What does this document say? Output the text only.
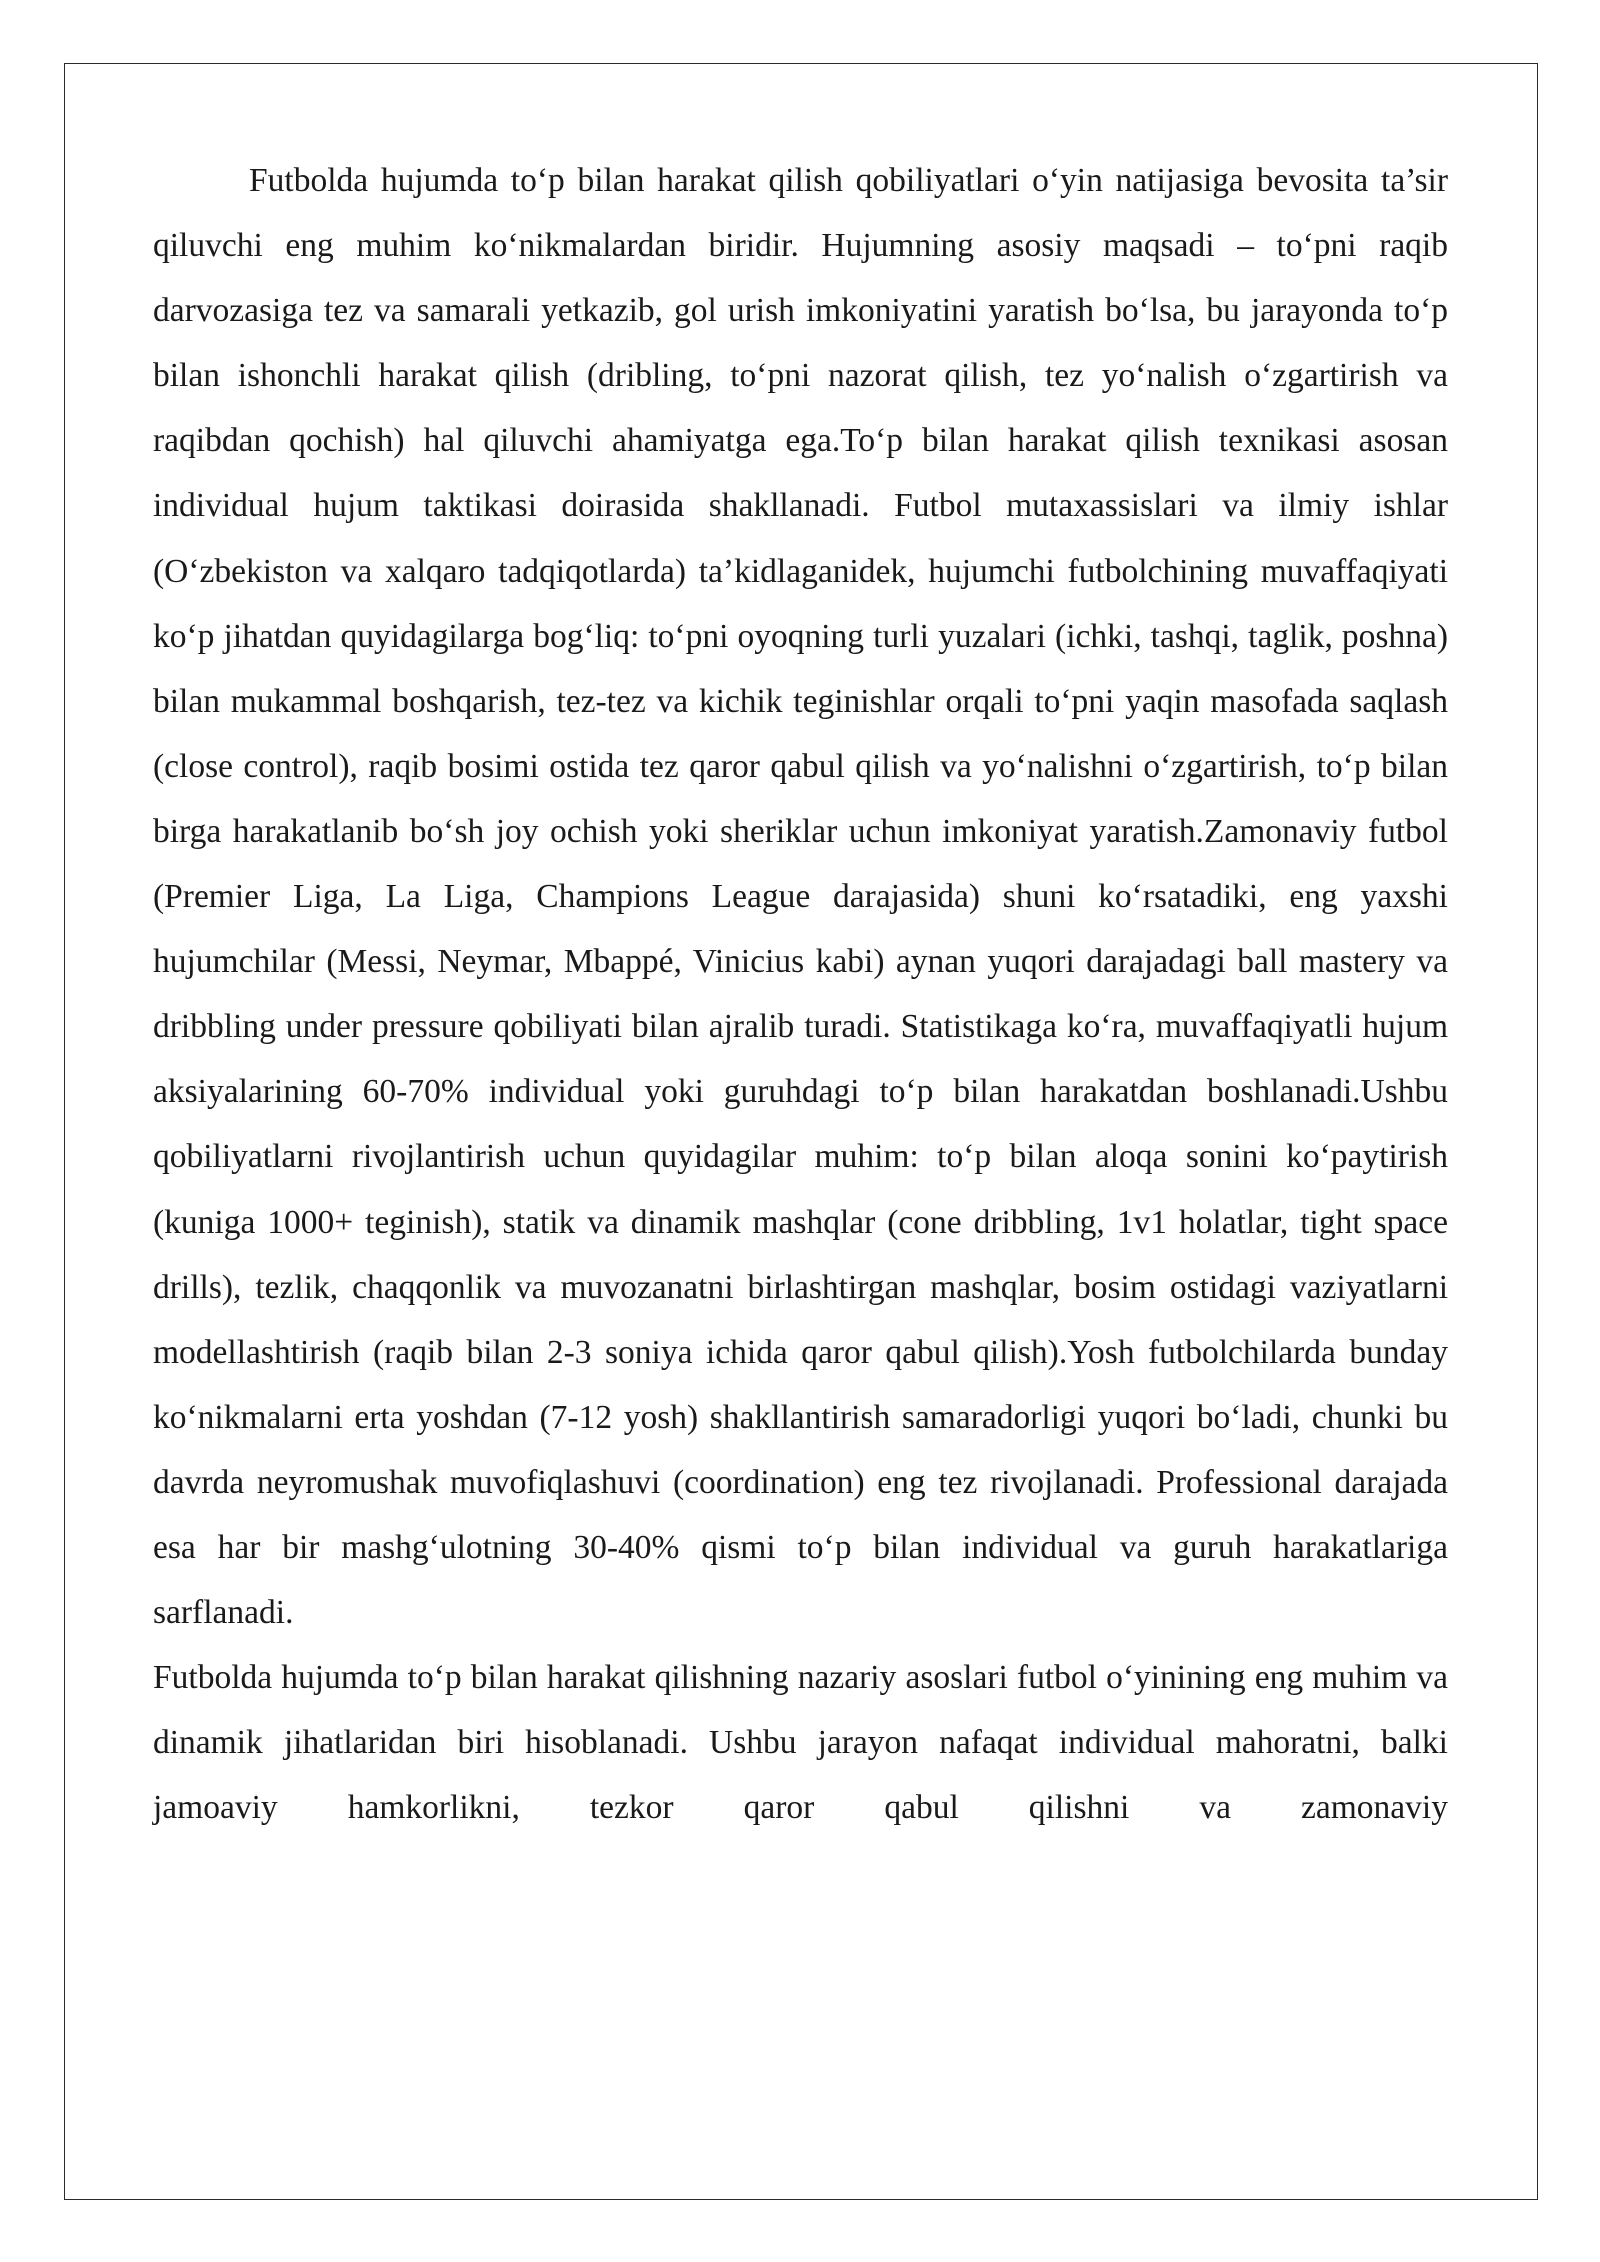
Futbolda hujumda to‘p bilan harakat qilish qobiliyatlari o‘yin natijasiga bevosita ta’sir qiluvchi eng muhim ko‘nikmalardan biridir. Hujumning asosiy maqsadi – to‘pni raqib darvozasiga tez va samarali yetkazib, gol urish imkoniyatini yaratish bo‘lsa, bu jarayonda to‘p bilan ishonchli harakat qilish (dribling, to‘pni nazorat qilish, tez yo‘nalish o‘zgartirish va raqibdan qochish) hal qiluvchi ahamiyatga ega.To‘p bilan harakat qilish texnikasi asosan individual hujum taktikasi doirasida shakllanadi. Futbol mutaxassislari va ilmiy ishlar (O‘zbekiston va xalqaro tadqiqotlarda) ta’kidlaganidek, hujumchi futbolchining muvaffaqiyati ko‘p jihatdan quyidagilarga bog‘liq: to‘pni oyoqning turli yuzalari (ichki, tashqi, taglik, poshna) bilan mukammal boshqarish, tez-tez va kichik teginishlar orqali to‘pni yaqin masofada saqlash (close control), raqib bosimi ostida tez qaror qabul qilish va yo‘nalishni o‘zgartirish, to‘p bilan birga harakatlanib bo‘sh joy ochish yoki sheriklar uchun imkoniyat yaratish.Zamonaviy futbol (Premier Liga, La Liga, Champions League darajasida) shuni ko‘rsatadiki, eng yaxshi hujumchilar (Messi, Neymar, Mbappé, Vinicius kabi) aynan yuqori darajadagi ball mastery va dribbling under pressure qobiliyati bilan ajralib turadi. Statistikaga ko‘ra, muvaffaqiyatli hujum aksiyalarining 60-70% individual yoki guruhdagi to‘p bilan harakatdan boshlanadi.Ushbu qobiliyatlarni rivojlantirish uchun quyidagilar muhim: to‘p bilan aloqa sonini ko‘paytirish (kuniga 1000+ teginish), statik va dinamik mashqlar (cone dribbling, 1v1 holatlar, tight space drills), tezlik, chaqqonlik va muvozanatni birlashtirgan mashqlar, bosim ostidagi vaziyatlarni modellashtirish (raqib bilan 2-3 soniya ichida qaror qabul qilish).Yosh futbolchilarda bunday ko‘nikmalarni erta yoshdan (7-12 yosh) shakllantirish samaradorligi yuqori bo‘ladi, chunki bu davrda neyromushak muvofiqlashuvi (coordination) eng tez rivojlanadi. Professional darajada esa har bir mashg‘ulotning 30-40% qismi to‘p bilan individual va guruh harakatlariga sarflanadi.

Futbolda hujumda to‘p bilan harakat qilishning nazariy asoslari futbol o‘yinining eng muhim va dinamik jihatlaridan biri hisoblanadi. Ushbu jarayon nafaqat individual mahoratni, balki jamoaviy hamkorlikni, tezkor qaror qabul qilishni va zamonaviy
